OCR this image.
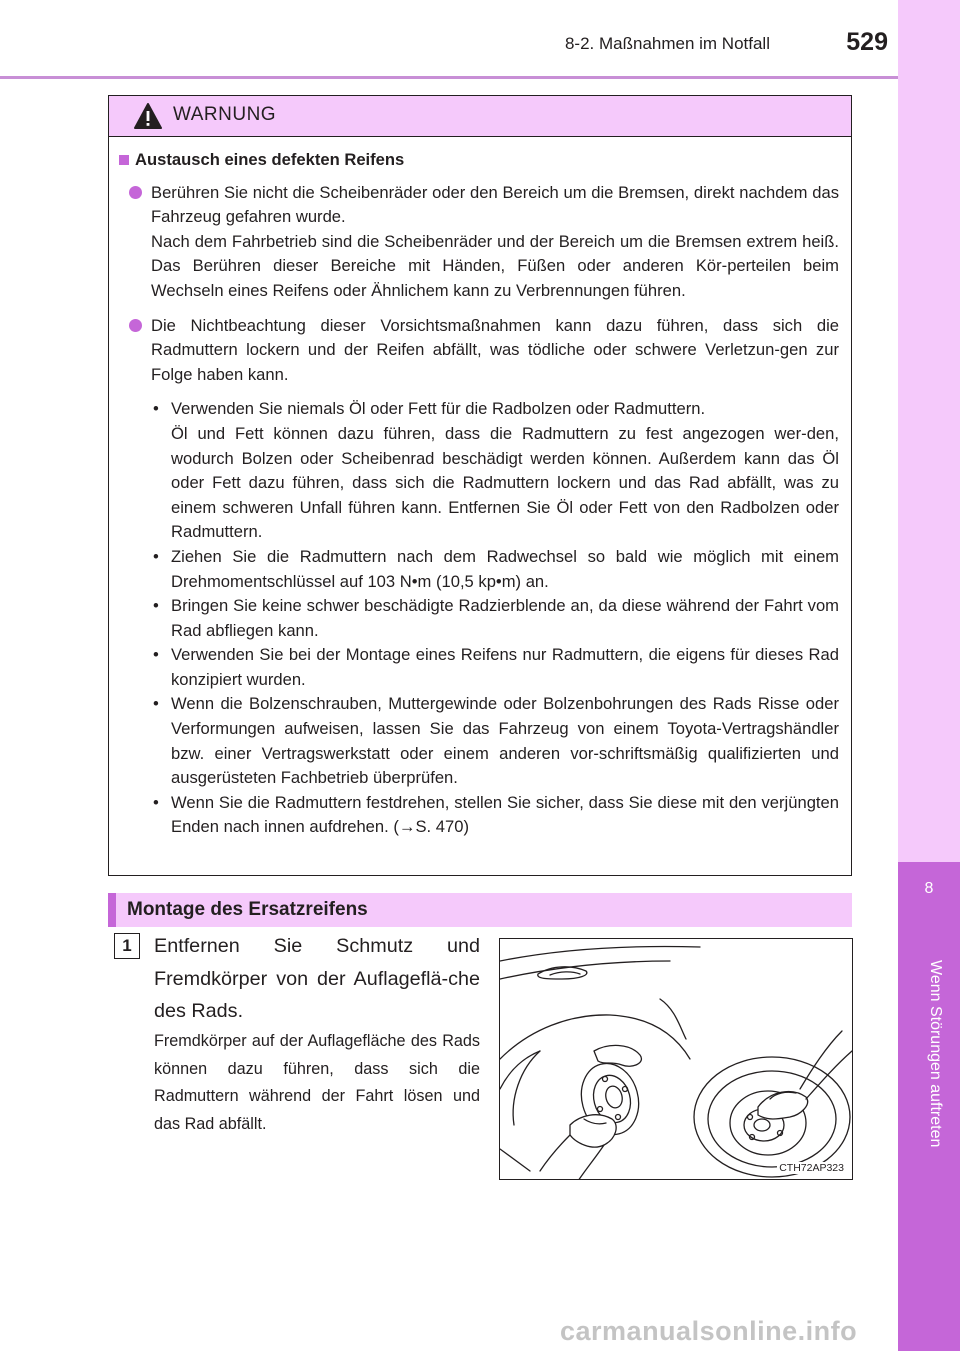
8-2. Maßnahmen im Notfall	529
8
Wenn Störungen auftreten
WARNUNG
Austausch eines defekten Reifens

Berühren Sie nicht die Scheibenräder oder den Bereich um die Bremsen, direkt nachdem das Fahrzeug gefahren wurde.

Nach dem Fahrbetrieb sind die Scheibenräder und der Bereich um die Bremsen extrem heiß. Das Berühren dieser Bereiche mit Händen, Füßen oder anderen Kör-perteilen beim Wechseln eines Reifens oder Ähnlichem kann zu Verbrennungen führen.

Die Nichtbeachtung dieser Vorsichtsmaßnahmen kann dazu führen, dass sich die Radmuttern lockern und der Reifen abfällt, was tödliche oder schwere Verletzun-gen zur Folge haben kann.

• Verwenden Sie niemals Öl oder Fett für die Radbolzen oder Radmuttern.
Öl und Fett können dazu führen, dass die Radmuttern zu fest angezogen wer-den, wodurch Bolzen oder Scheibenrad beschädigt werden können. Außerdem kann das Öl oder Fett dazu führen, dass sich die Radmuttern lockern und das Rad abfällt, was zu einem schweren Unfall führen kann. Entfernen Sie Öl oder Fett von den Radbolzen oder Radmuttern.
• Ziehen Sie die Radmuttern nach dem Radwechsel so bald wie möglich mit einem Drehmomentschlüssel auf 103 N•m (10,5 kp•m) an.
• Bringen Sie keine schwer beschädigte Radzierblende an, da diese während der Fahrt vom Rad abfliegen kann.
• Verwenden Sie bei der Montage eines Reifens nur Radmuttern, die eigens für dieses Rad konzipiert wurden.
• Wenn die Bolzenschrauben, Muttergewinde oder Bolzenbohrungen des Rads Risse oder Verformungen aufweisen, lassen Sie das Fahrzeug von einem Toyota-Vertragshändler bzw. einer Vertragswerkstatt oder einem anderen vor-schriftsmäßig qualifizierten und ausgerüsteten Fachbetrieb überprüfen.
• Wenn Sie die Radmuttern festdrehen, stellen Sie sicher, dass Sie diese mit den verjüngten Enden nach innen aufdrehen. (→S. 470)
Montage des Ersatzreifens
1	Entfernen Sie Schmutz und Fremdkörper von der Auflageflä-che des Rads.
Fremdkörper auf der Auflagefläche des Rads können dazu führen, dass sich die Radmuttern während der Fahrt lösen und das Rad abfällt.
CTH72AP323
carmanualsonline.info
